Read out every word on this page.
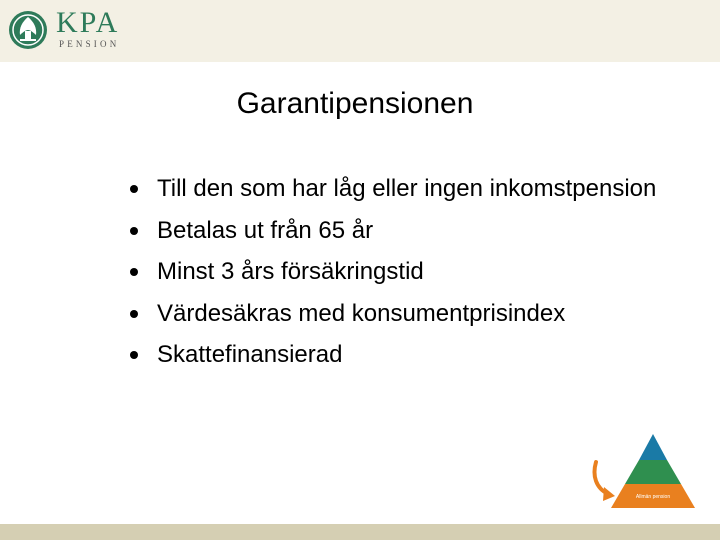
KPA
PENSION
Garantipensionen
Till den som har låg eller ingen inkomstpension
Betalas ut från 65 år
Minst 3 års försäkringstid
Värdesäkras med konsumentprisindex
Skattefinansierad
Allmän pension
